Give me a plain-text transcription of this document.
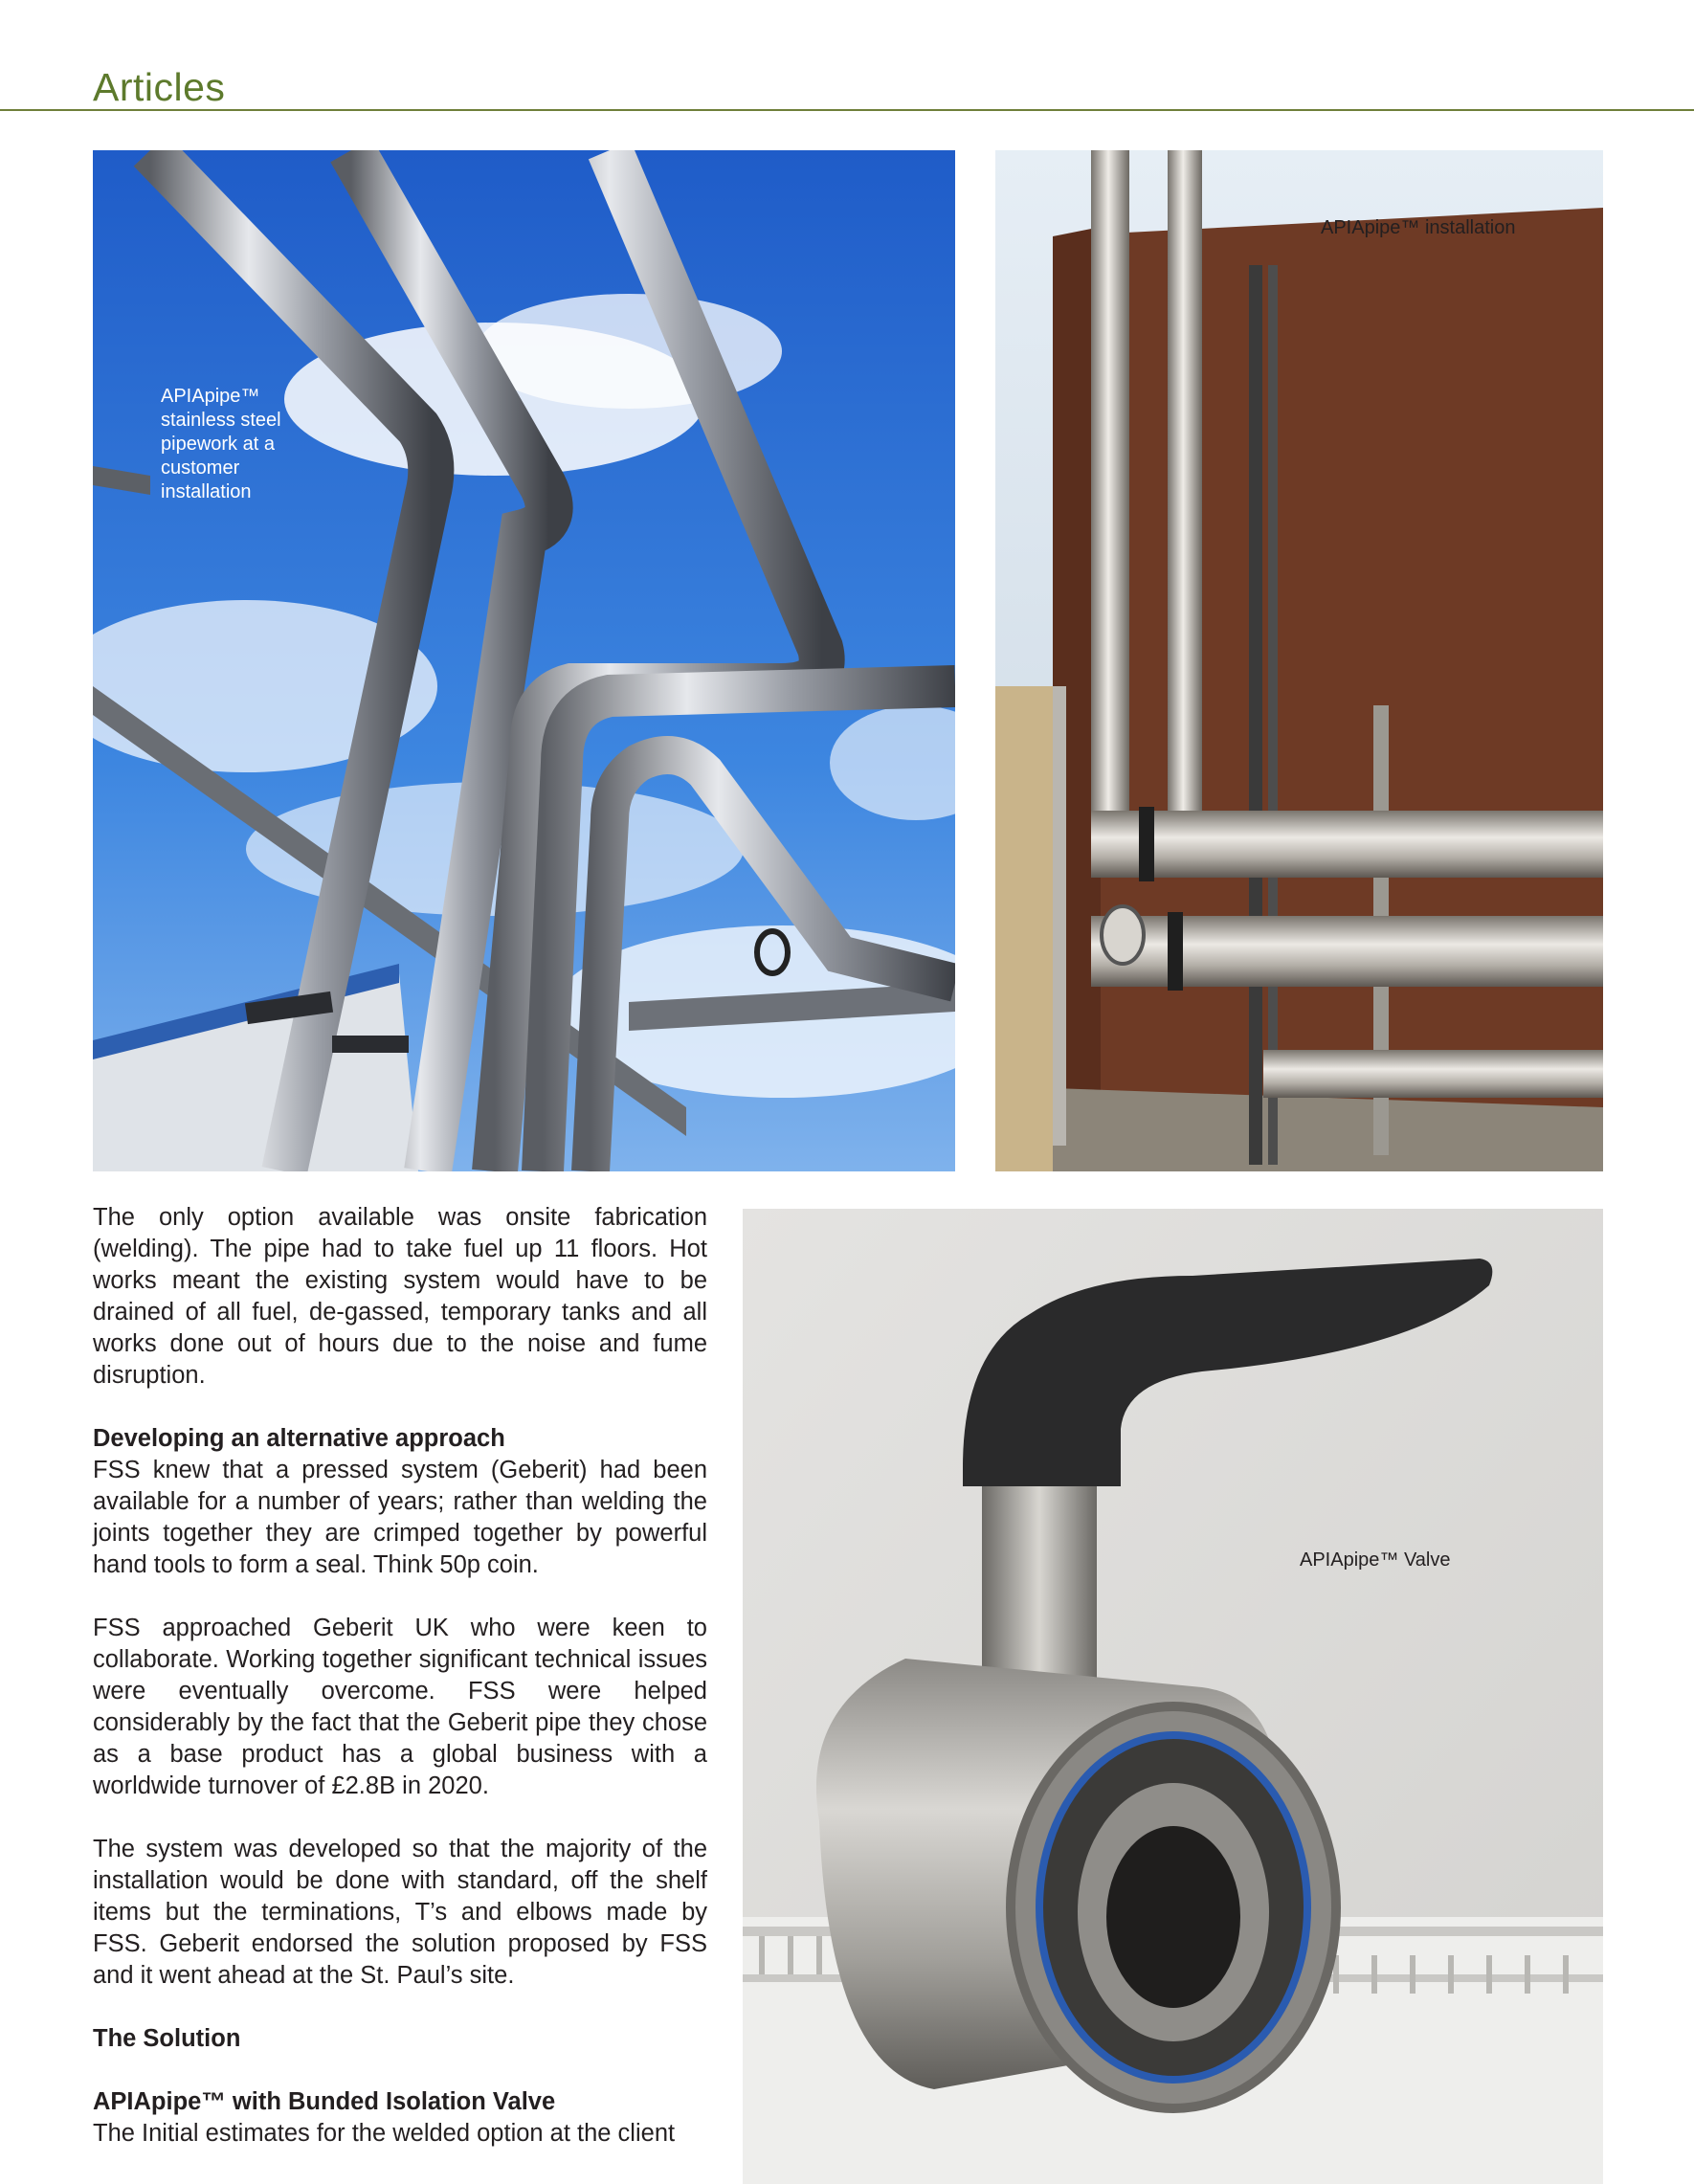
Articles
APIApipe™ stainless steel pipework at a customer installation
APIApipe™ installation
APIApipe™ Valve

The only option available was onsite fabrication (welding). The pipe had to take fuel up 11 floors. Hot works meant the existing system would have to be drained of all fuel, de-gassed, temporary tanks and all works done out of hours due to the noise and fume disruption.

Developing an alternative approach

FSS knew that a pressed system (Geberit) had been available for a number of years; rather than welding the joints together they are crimped together by powerful hand tools to form a seal. Think 50p coin.

FSS approached Geberit UK who were keen to collaborate. Working together significant technical issues were eventually overcome. FSS were helped considerably by the fact that the Geberit pipe they chose as a base product has a global business with a worldwide turnover of £2.8B in 2020.

The system was developed so that the majority of the installation would be done with standard, off the shelf items but the terminations, T’s and elbows made by FSS. Geberit endorsed the solution proposed by FSS and it went ahead at the St. Paul’s site.

The Solution
APIApipe™ with Bunded Isolation Valve

The Initial estimates for the welded option at the client
